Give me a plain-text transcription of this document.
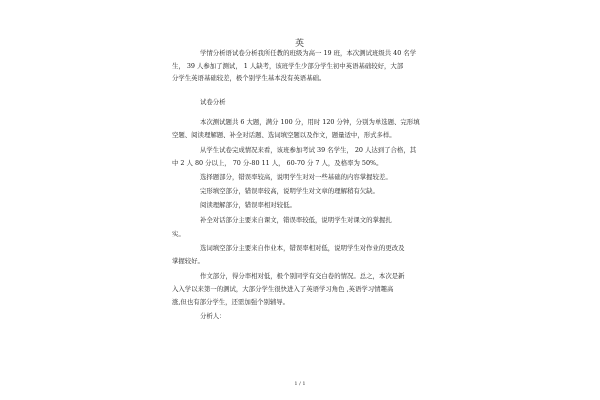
英
学情分析语试卷分析我所任教的班级为高一 19 班，本次测试班级共 40 名学
生， 39 人参加了测试， 1 人缺考，该班学生少部分学生初中英语基础较好，大部
分学生英语基础较差，极个别学生基本没有英语基础。
试卷分析
本次测试题共 6 大题，满分 100 分，用时 120 分钟，分别为单选题、完形填
空题、阅读理解题、补全对话题、选词填空题以及作文，题量适中，形式多样。
从学生试卷完成情况来看，该班参加考试 39 名学生， 20 人达到了合格，其
中 2 人 80 分以上， 70 分-80 11 人， 60-70 分 7 人，及格率为 50%。
选择题部分，错误率较高，说明学生对对一些基础的内容掌握较差。
完形填空部分，错误率较高，说明学生对文章的理解稍有欠缺。
阅读理解部分，错误率相对较低。
补全对话部分主要来自课文，错误率较低，说明学生对课文的掌握扎
实。
选词填空部分主要来自作业本，错误率相对低，说明学生对作业的更改及
掌握较好。
作文部分，得分率相对低，极个别同学有交白卷的情况。总之，本次是新
入入学以来第一的测试，大部分学生很快进入了英语学习角色 ,英语学习情趣高
涨,但也有部分学生，还需加强个别辅导。
分析人：
1 / 1
